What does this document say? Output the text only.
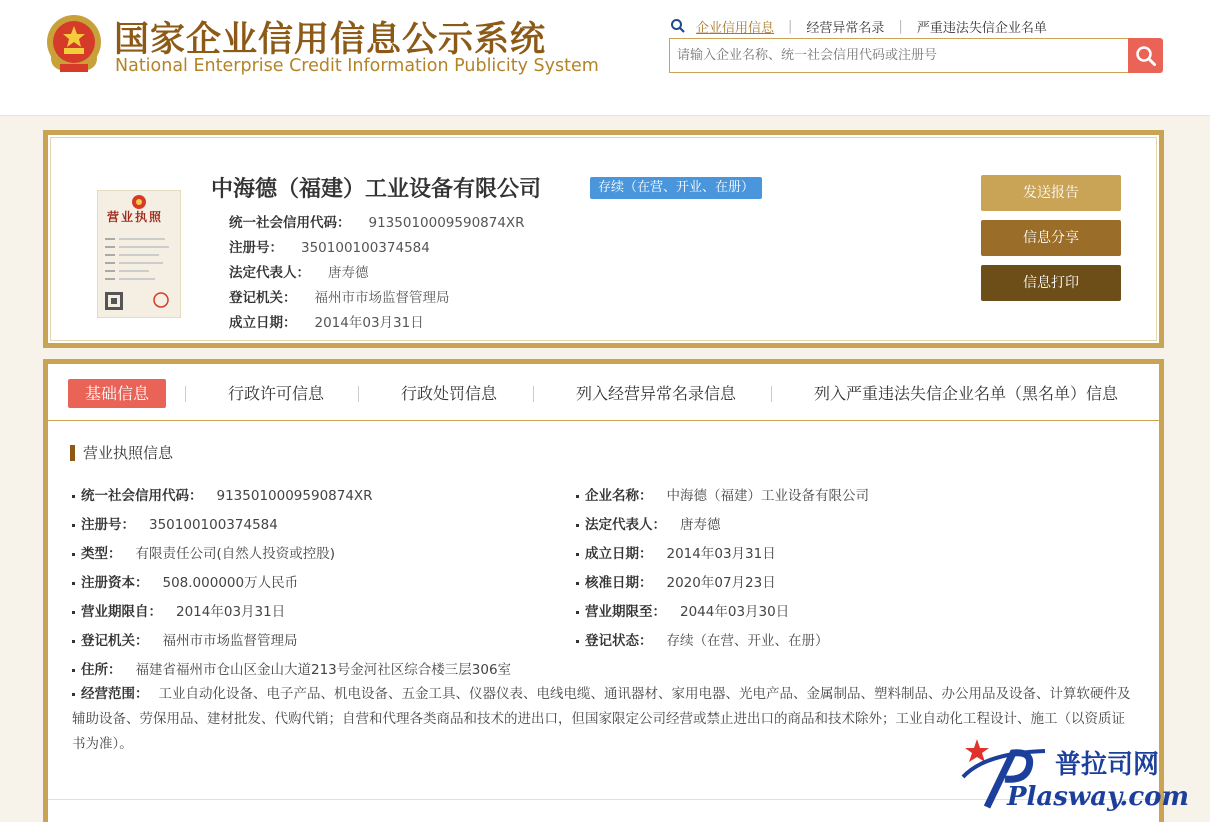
国家企业信用信息公示系统
National Enterprise Credit Information Publicity System
企业信用信息 | 经营异常名录 | 严重违法失信企业名单
请输入企业名称、统一社会信用代码或注册号
营业执照
中海德（福建）工业设备有限公司	存续（在营、开业、在册）
统一社会信用代码： 9135010009590874XR
注册号： 350100100374584
法定代表人： 唐寿德
登记机关： 福州市市场监督管理局
成立日期： 2014年03月31日
发送报告
信息分享
信息打印
基础信息	行政许可信息	行政处罚信息	列入经营异常名录信息	列入严重违法失信企业名单（黑名单）信息
营业执照信息
统一社会信用代码： 9135010009590874XR
注册号： 350100100374584
类型： 有限责任公司(自然人投资或控股)
注册资本： 508.000000万人民币
营业期限自： 2014年03月31日
登记机关： 福州市市场监督管理局
企业名称： 中海德（福建）工业设备有限公司
法定代表人： 唐寿德
成立日期： 2014年03月31日
核准日期： 2020年07月23日
营业期限至： 2044年03月30日
登记状态： 存续（在营、开业、在册）
住所： 福建省福州市仓山区金山大道213号金河社区综合楼三层306室
经营范围： 工业自动化设备、电子产品、机电设备、五金工具、仪器仪表、电线电缆、通讯器材、家用电器、光电产品、金属制品、塑料制品、办公用品及设备、计算软硬件及辅助设备、劳保用品、建材批发、代购代销；自营和代理各类商品和技术的进出口，但国家限定公司经营或禁止进出口的商品和技术除外；工业自动化工程设计、施工（以资质证书为准）。
普拉司网
Plasway.com
